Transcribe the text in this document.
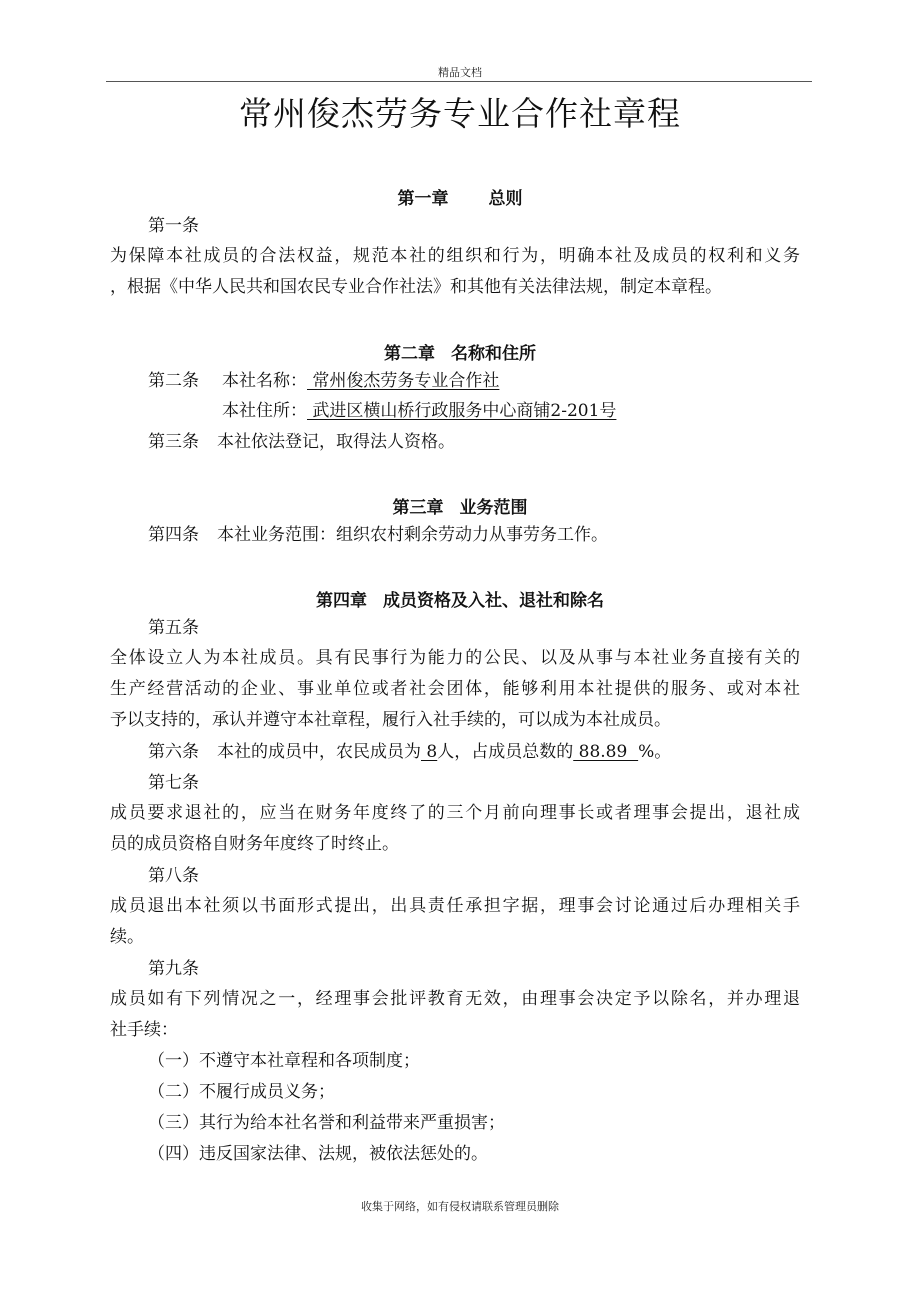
精品文档
常州俊杰劳务专业合作社章程
第一章 总则
第一条
为保障本社成员的合法权益，规范本社的组织和行为，明确本社及成员的权利和义务
，根据《中华人民共和国农民专业合作社法》和其他有关法律法规，制定本章程。
第二章 名称和住所
第二条 本社名称： 常州俊杰劳务专业合作社
本社住所： 武进区横山桥行政服务中心商铺2-201号
第三条 本社依法登记，取得法人资格。
第三章 业务范围
第四条 本社业务范围：组织农村剩余劳动力从事劳务工作。
第四章 成员资格及入社、退社和除名
第五条
全体设立人为本社成员。具有民事行为能力的公民、以及从事与本社业务直接有关的
生产经营活动的企业、事业单位或者社会团体，能够利用本社提供的服务、或对本社
予以支持的，承认并遵守本社章程，履行入社手续的，可以成为本社成员。
第六条 本社的成员中，农民成员为 8人，占成员总数的 88.89  %。
第七条
成员要求退社的，应当在财务年度终了的三个月前向理事长或者理事会提出，退社成
员的成员资格自财务年度终了时终止。
第八条
成员退出本社须以书面形式提出，出具责任承担字据，理事会讨论通过后办理相关手
续。
第九条
成员如有下列情况之一，经理事会批评教育无效，由理事会决定予以除名，并办理退
社手续：
（一）不遵守本社章程和各项制度；
（二）不履行成员义务；
（三）其行为给本社名誉和利益带来严重损害；
（四）违反国家法律、法规，被依法惩处的。
收集于网络，如有侵权请联系管理员删除
